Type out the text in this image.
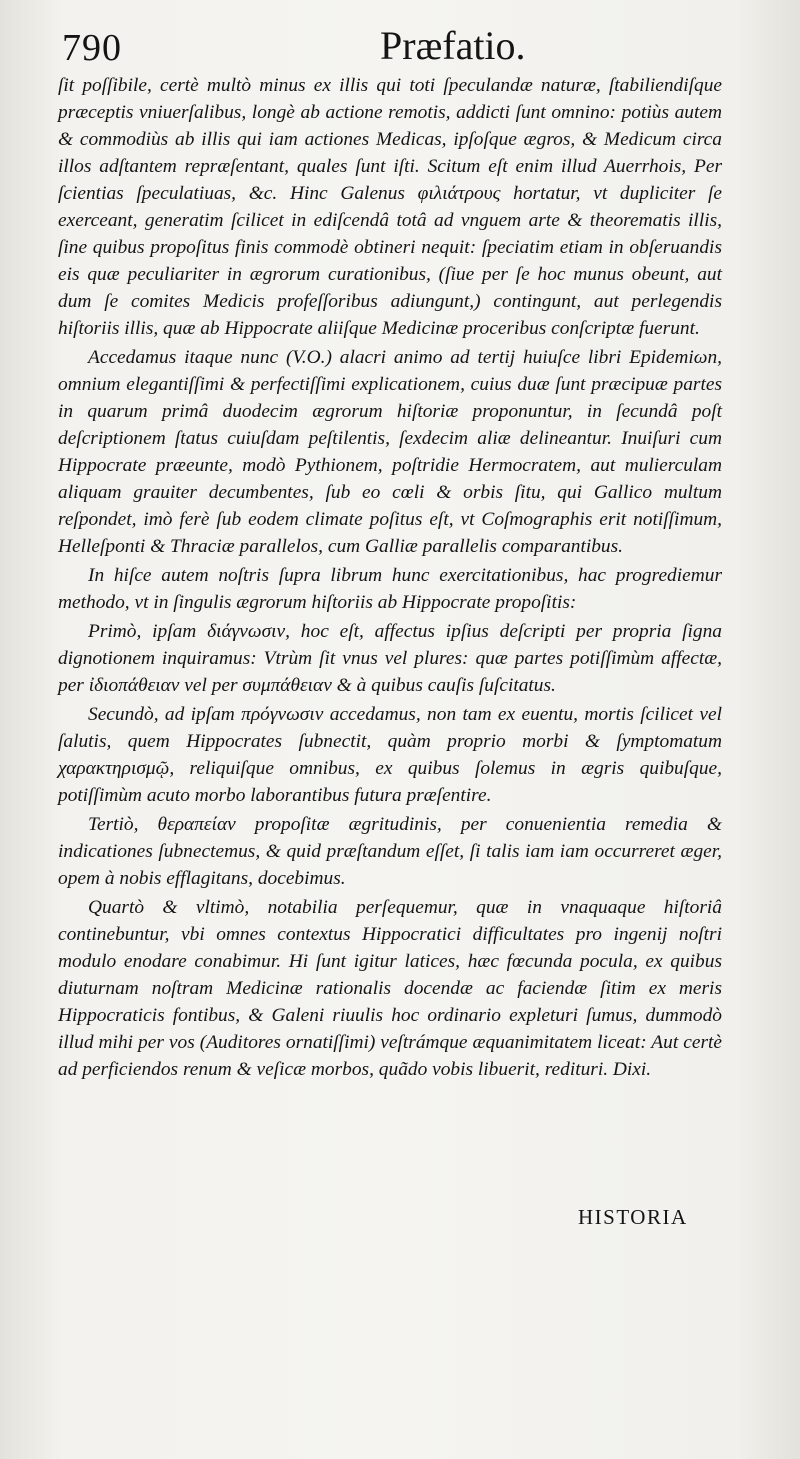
790	Præfatio.

ſit poſſibile, certè multò minus ex illis qui toti ſpeculandæ naturæ, ſtabiliendiſque præceptis vniuerſalibus, longè ab actione remotis, addicti ſunt omnino: potiùs autem & commodiùs ab illis qui iam actiones Medicas, ipſoſque ægros, & Medicum circa illos adſtantem repræſentant, quales ſunt iſti. Scitum eſt enim illud Auerrhois, Per ſcientias ſpeculatiuas, &c. Hinc Galenus φιλιάτρους hortatur, vt dupliciter ſe exerceant, generatim ſcilicet in ediſcendâ totâ ad vnguem arte & theorematis illis, ſine quibus propoſitus finis commodè obtineri nequit: ſpeciatim etiam in obſeruandis eis quæ peculiariter in ægrorum curationibus, (ſiue per ſe hoc munus obeunt, aut dum ſe comites Medicis profeſſoribus adiungunt,) contingunt, aut perlegendis hiſtoriis illis, quæ ab Hippocrate aliiſque Medicinæ proceribus conſcriptæ fuerunt.

Accedamus itaque nunc (V.O.) alacri animo ad tertij huiuſce libri Epidemiωn, omnium elegantiſſimi & perfectiſſimi explicationem, cuius duæ ſunt præcipuæ partes in quarum primâ duodecim ægrorum hiſtoriæ proponuntur, in ſecundâ poſt deſcriptionem ſtatus cuiuſdam peſtilentis, ſexdecim aliæ delineantur. Inuiſuri cum Hippocrate præeunte, modò Pythionem, poſtridie Hermocratem, aut mulierculam aliquam grauiter decumbentes, ſub eo cœli & orbis ſitu, qui Gallico multum reſpondet, imò ferè ſub eodem climate poſitus eſt, vt Coſmographis erit notiſſimum, Helleſponti & Thraciæ parallelos, cum Galliæ parallelis comparantibus.

In hiſce autem noſtris ſupra librum hunc exercitationibus, hac progrediemur methodo, vt in ſingulis ægrorum hiſtoriis ab Hippocrate propoſitis:

Primò, ipſam διάγνωσιν, hoc eſt, affectus ipſius deſcripti per propria ſigna dignotionem inquiramus: Vtrùm ſit vnus vel plures: quæ partes potiſſimùm affectæ, per ἰδιοπάθειαν vel per συμπάθειαν & à quibus cauſis ſuſcitatus.

Secundò, ad ipſam πρόγνωσιν accedamus, non tam ex euentu, mortis ſcilicet vel ſalutis, quem Hippocrates ſubnectit, quàm proprio morbi & ſymptomatum χαρακτηρισμῷ, reliquiſque omnibus, ex quibus ſolemus in ægris quibuſque, potiſſimùm acuto morbo laborantibus futura præſentire.

Tertiò, θεραπείαν propoſitæ ægritudinis, per conuenientia remedia & indicationes ſubnectemus, & quid præſtandum eſſet, ſi talis iam iam occurreret æger, opem à nobis efflagitans, docebimus.

Quartò & vltimò, notabilia perſequemur, quæ in vnaquaque hiſtoriâ continebuntur, vbi omnes contextus Hippocratici difficultates pro ingenij noſtri modulo enodare conabimur. Hi ſunt igitur latices, hæc fœcunda pocula, ex quibus diuturnam noſtram Medicinæ rationalis docendæ ac faciendæ ſitim ex meris Hippocraticis fontibus, & Galeni riuulis hoc ordinario expleturi ſumus, dummodò illud mihi per vos (Auditores ornatiſſimi) veſtrámque æquanimitatem liceat: Aut certè ad perficiendos renum & veſicæ morbos, quãdo vobis libuerit, redituri. Dixi.

HISTORIA
